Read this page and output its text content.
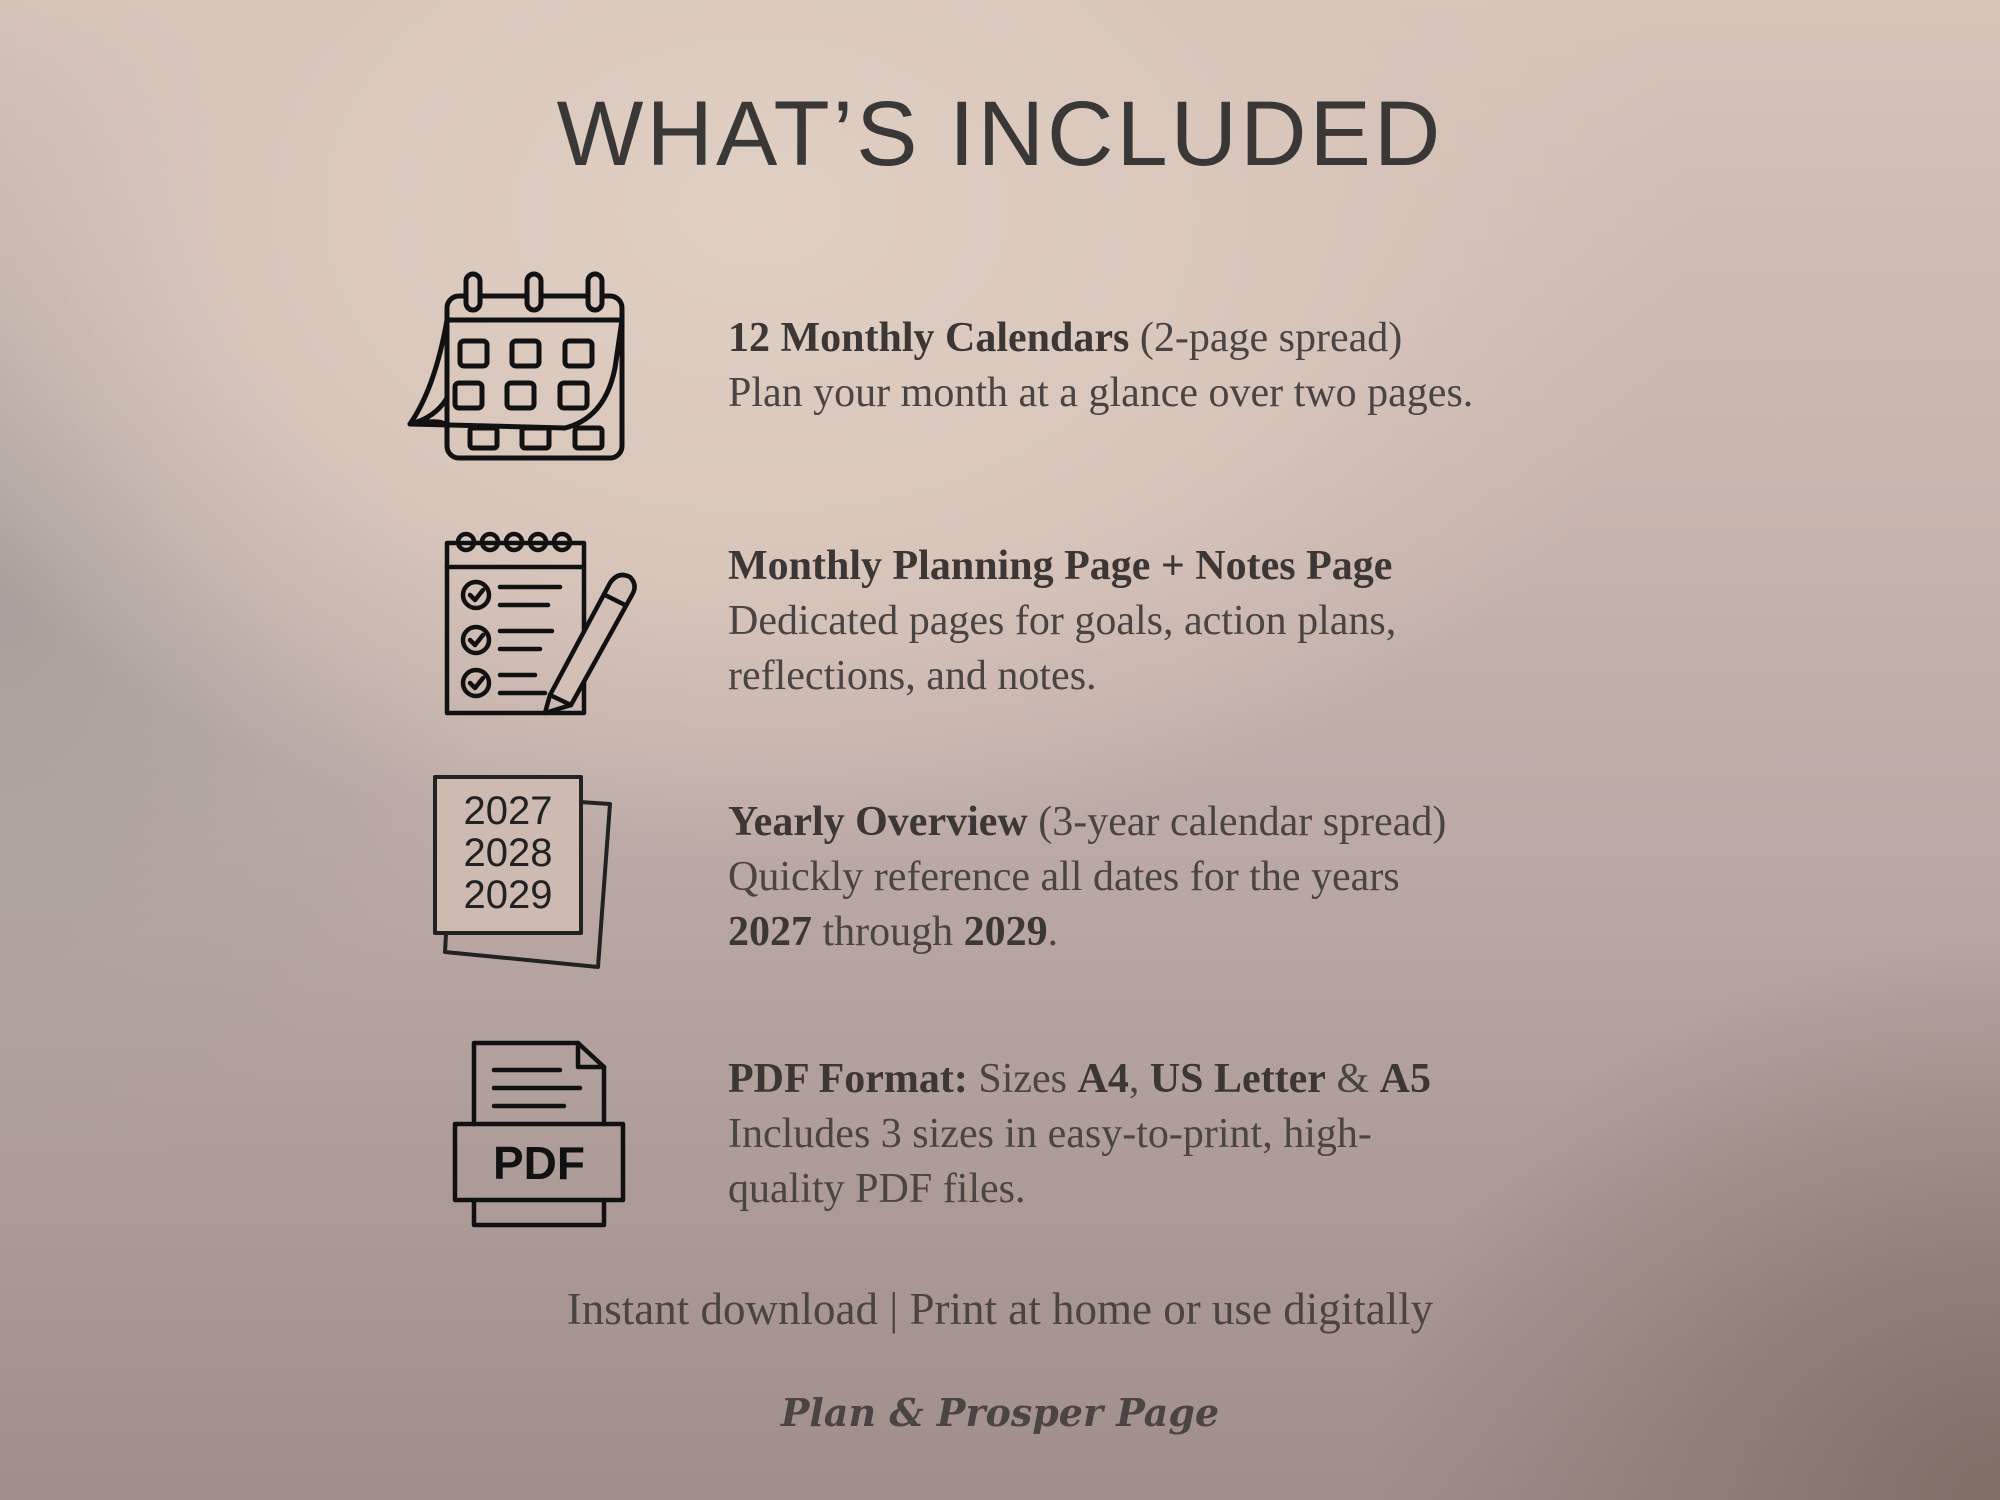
WHAT’S INCLUDED
12 Monthly Calendars (2-page spread)
Plan your month at a glance over two pages.
Monthly Planning Page + Notes Page
Dedicated pages for goals, action plans,
reflections, and notes.
2027
2028
2029
Yearly Overview (3-year calendar spread)
Quickly reference all dates for the years
2027 through 2029.
PDF
PDF Format: Sizes A4, US Letter & A5
Includes 3 sizes in easy-to-print, high-
quality PDF files.
Instant download | Print at home or use digitally
Plan & Prosper Page
